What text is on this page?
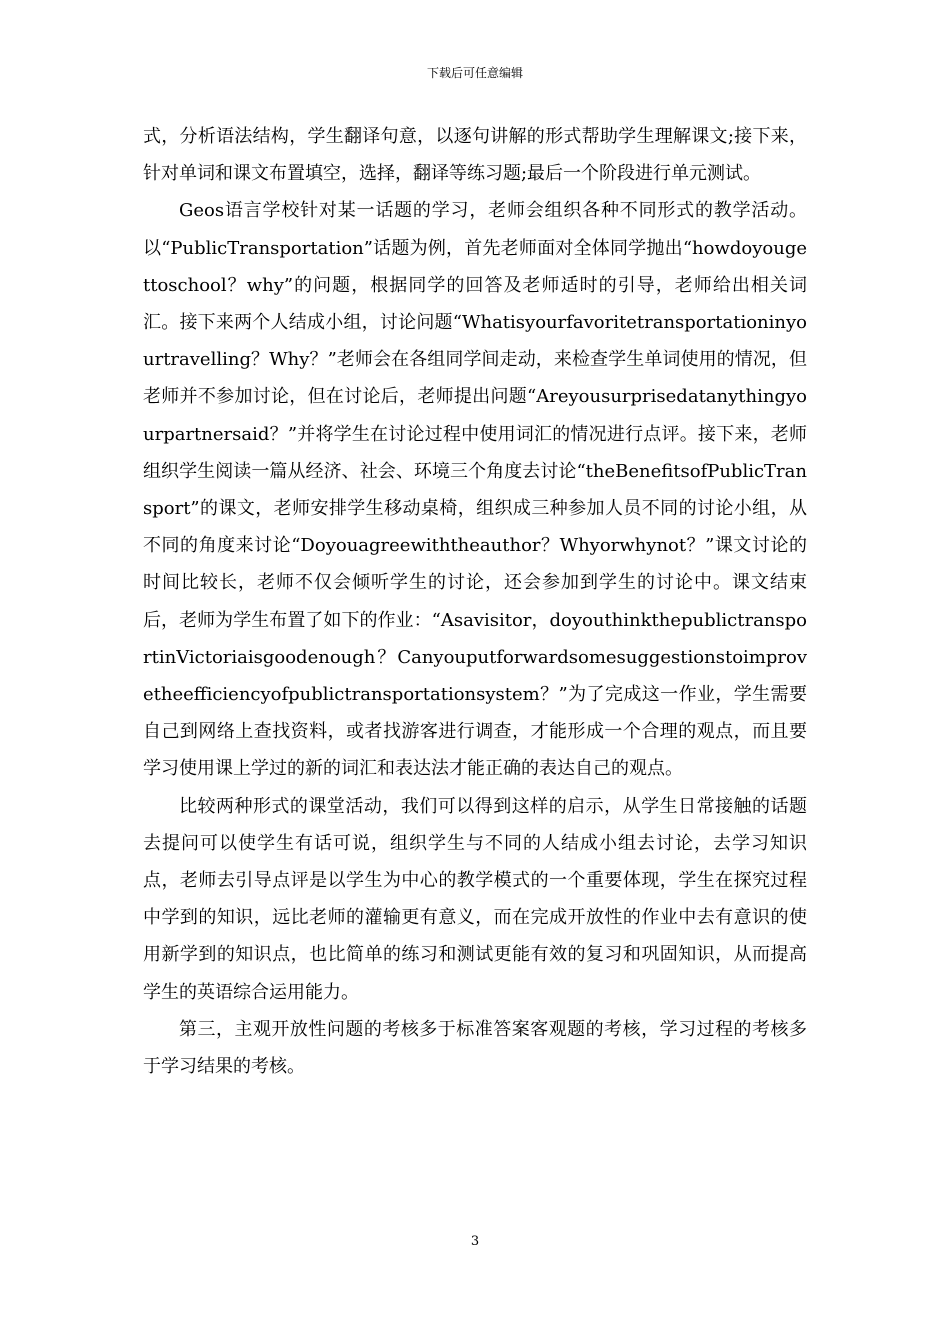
下载后可任意编辑

式，分析语法结构，学生翻译句意，以逐句讲解的形式帮助学生理解课文;接下来，针对单词和课文布置填空，选择，翻译等练习题;最后一个阶段进行单元测试。

Geos语言学校针对某一话题的学习，老师会组织各种不同形式的教学活动。以“PublicTransportation”话题为例，首先老师面对全体同学抛出“howdoyougettoschool？why”的问题，根据同学的回答及老师适时的引导，老师给出相关词汇。接下来两个人结成小组，讨论问题“Whatisyourfavoritetransportationinyourtravelling？Why？”老师会在各组同学间走动，来检查学生单词使用的情况，但老师并不参加讨论，但在讨论后，老师提出问题“Areyousurprisedatanythingyourpartnersaid？”并将学生在讨论过程中使用词汇的情况进行点评。接下来，老师组织学生阅读一篇从经济、社会、环境三个角度去讨论“theBenefitsofPublicTransport”的课文，老师安排学生移动桌椅，组织成三种参加人员不同的讨论小组，从不同的角度来讨论“Doyouagreewiththeauthor？Whyorwhynot？”课文讨论的时间比较长，老师不仅会倾听学生的讨论，还会参加到学生的讨论中。课文结束后，老师为学生布置了如下的作业：“Asavisitor，doyouthinkthepublictransportinVictoriaisgoodenough？Canyouputforwardsomesuggestionstoimprovetheefficiencyofpublictransportationsystem？”为了完成这一作业，学生需要自己到网络上查找资料，或者找游客进行调查，才能形成一个合理的观点，而且要学习使用课上学过的新的词汇和表达法才能正确的表达自己的观点。

比较两种形式的课堂活动，我们可以得到这样的启示，从学生日常接触的话题去提问可以使学生有话可说，组织学生与不同的人结成小组去讨论，去学习知识点，老师去引导点评是以学生为中心的教学模式的一个重要体现，学生在探究过程中学到的知识，远比老师的灌输更有意义，而在完成开放性的作业中去有意识的使用新学到的知识点，也比简单的练习和测试更能有效的复习和巩固知识，从而提高学生的英语综合运用能力。

第三，主观开放性问题的考核多于标准答案客观题的考核，学习过程的考核多于学习结果的考核。

3
